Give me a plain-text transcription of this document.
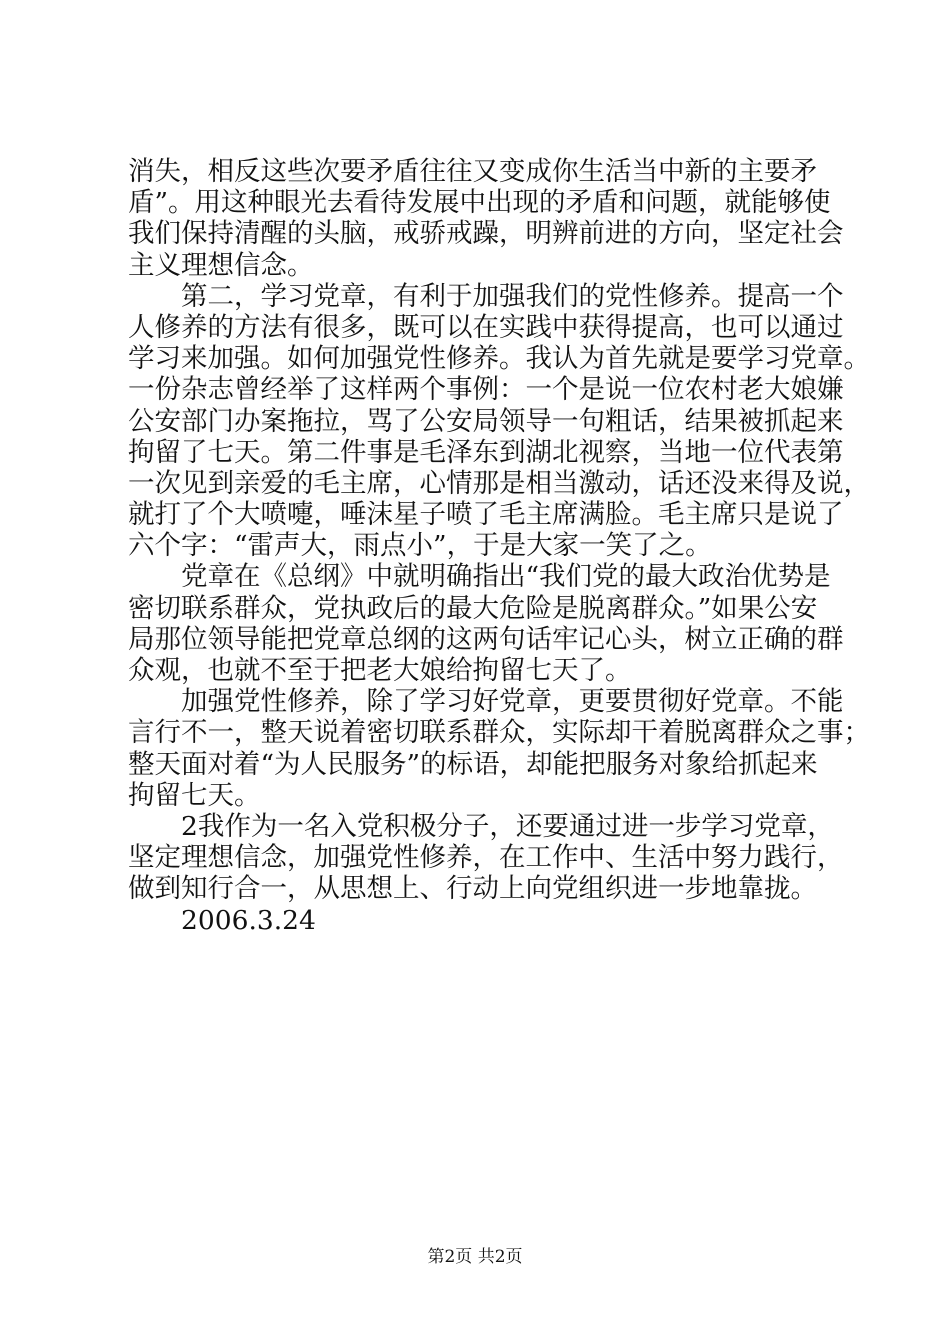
消失，相反这些次要矛盾往往又变成你生活当中新的主要矛
盾”。用这种眼光去看待发展中出现的矛盾和问题，就能够使
我们保持清醒的头脑，戒骄戒躁，明辨前进的方向，坚定社会
主义理想信念。
第二，学习党章，有利于加强我们的党性修养。提高一个
人修养的方法有很多，既可以在实践中获得提高，也可以通过
学习来加强。如何加强党性修养。我认为首先就是要学习党章。
一份杂志曾经举了这样两个事例：一个是说一位农村老大娘嫌
公安部门办案拖拉，骂了公安局领导一句粗话，结果被抓起来
拘留了七天。第二件事是毛泽东到湖北视察，当地一位代表第
一次见到亲爱的毛主席，心情那是相当激动，话还没来得及说，
就打了个大喷嚏，唾沫星子喷了毛主席满脸。毛主席只是说了
六个字：“雷声大，雨点小”，于是大家一笑了之。
党章在《总纲》中就明确指出“我们党的最大政治优势是
密切联系群众，党执政后的最大危险是脱离群众。”如果公安
局那位领导能把党章总纲的这两句话牢记心头，树立正确的群
众观，也就不至于把老大娘给拘留七天了。
加强党性修养，除了学习好党章，更要贯彻好党章。不能
言行不一，整天说着密切联系群众，实际却干着脱离群众之事；
整天面对着“为人民服务”的标语，却能把服务对象给抓起来
拘留七天。
2我作为一名入党积极分子，还要通过进一步学习党章，
坚定理想信念，加强党性修养，在工作中、生活中努力践行，
做到知行合一，从思想上、行动上向党组织进一步地靠拢。
2006.3.24
第2页 共2页
